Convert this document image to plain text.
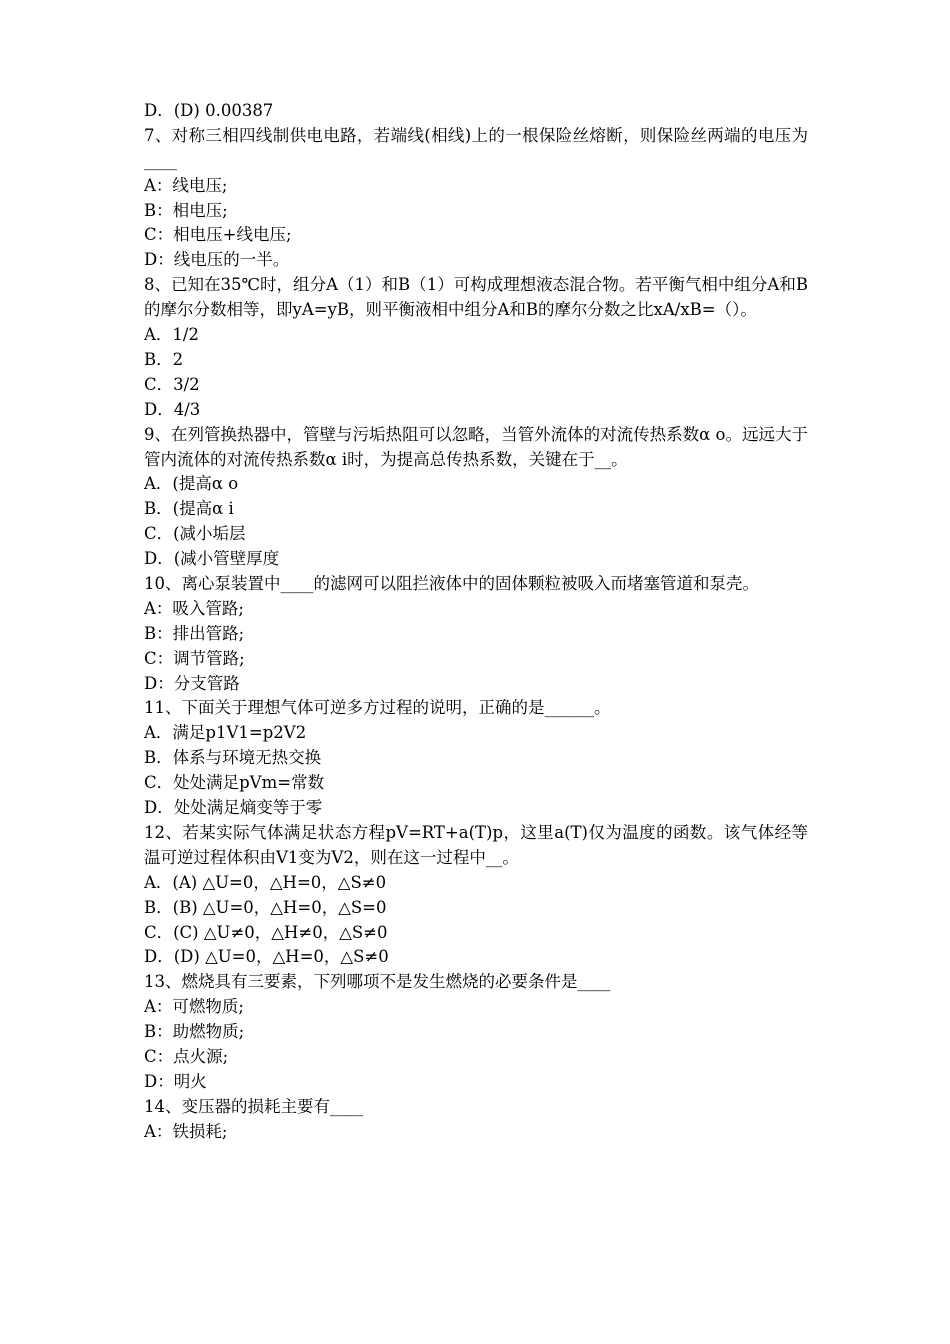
D．(D) 0.00387
7、对称三相四线制供电电路，若端线(相线)上的一根保险丝熔断，则保险丝两端的电压为____
A：线电压;
B：相电压;
C：相电压+线电压;
D：线电压的一半。
8、已知在35℃时，组分A（1）和B（1）可构成理想液态混合物。若平衡气相中组分A和B的摩尔分数相等，即yA=yB，则平衡液相中组分A和B的摩尔分数之比xA/xB=（）。
A．1/2
B．2
C．3/2
D．4/3
9、在列管换热器中，管壁与污垢热阻可以忽略，当管外流体的对流传热系数α o。远远大于管内流体的对流传热系数α i时，为提高总传热系数，关键在于__。
A．(提高α o
B．(提高α i
C．(减小垢层
D．(减小管壁厚度
10、离心泵装置中____的滤网可以阻拦液体中的固体颗粒被吸入而堵塞管道和泵壳。
A：吸入管路;
B：排出管路;
C：调节管路;
D：分支管路
11、下面关于理想气体可逆多方过程的说明，正确的是______。
A．满足p1V1=p2V2
B．体系与环境无热交换
C．处处满足pVm=常数
D．处处满足熵变等于零
12、若某实际气体满足状态方程pV=RT+a(T)p，这里a(T)仅为温度的函数。该气体经等温可逆过程体积由V1变为V2，则在这一过程中__。
A．(A) △U=0，△H=0，△S≠0
B．(B) △U=0，△H=0，△S=0
C．(C) △U≠0，△H≠0，△S≠0
D．(D) △U=0，△H=0，△S≠0
13、燃烧具有三要素，下列哪项不是发生燃烧的必要条件是____
A：可燃物质;
B：助燃物质;
C：点火源;
D：明火
14、变压器的损耗主要有____
A：铁损耗;
